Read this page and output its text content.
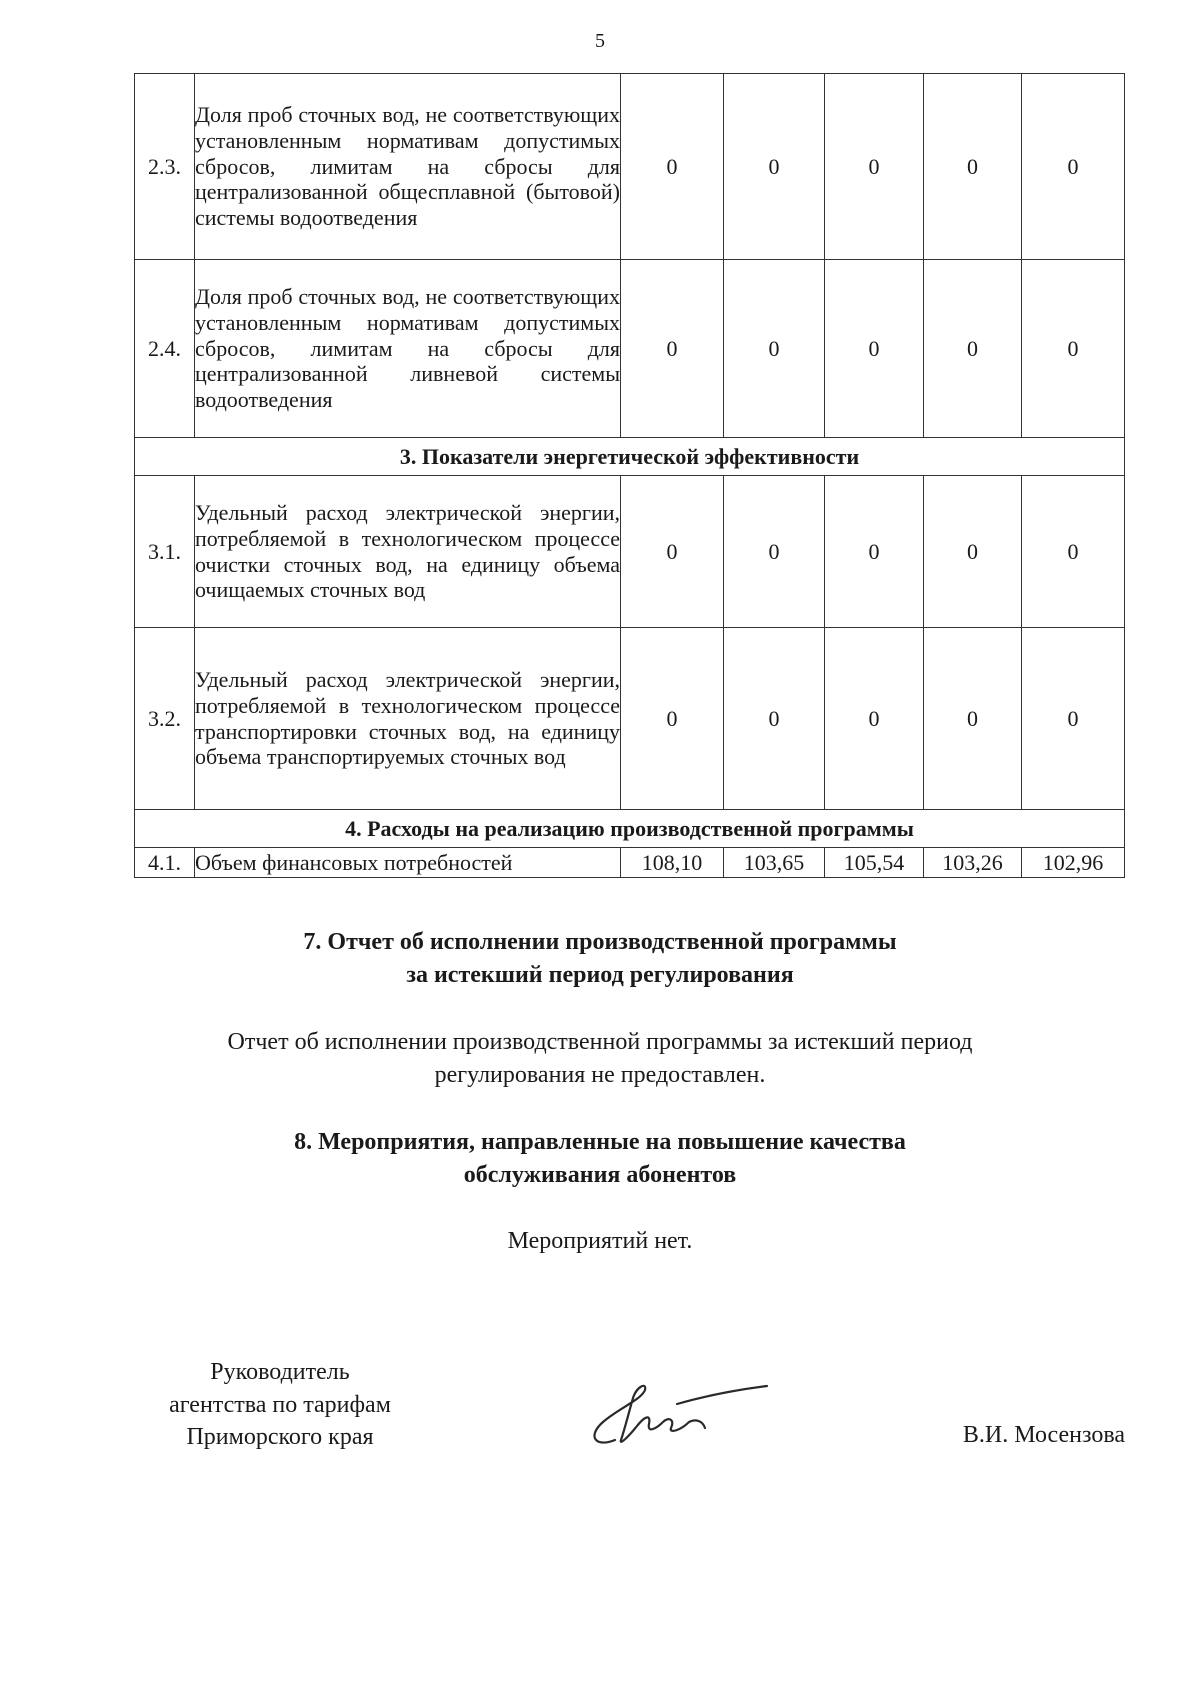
5
2.3.	Доля проб сточных вод, не соответствующих установленным нормативам допустимых сбросов, лимитам на сбросы для централизованной общесплавной (бытовой) системы водоотведения	0	0	0	0	0
2.4.	Доля проб сточных вод, не соответствующих установленным нормативам допустимых сбросов, лимитам на сбросы для централизованной ливневой системы водоотведения	0	0	0	0	0
3. Показатели энергетической эффективности						
3.1.	Удельный расход электрической энергии, потребляемой в технологическом процессе очистки сточных вод, на единицу объема очищаемых сточных вод	0	0	0	0	0
3.2.	Удельный расход электрической энергии, потребляемой в технологическом процессе транспортировки сточных вод, на единицу объема транспортируемых сточных вод	0	0	0	0	0
4. Расходы на реализацию производственной программы						
4.1.	Объем финансовых потребностей	108,10	103,65	105,54	103,26	102,96
7. Отчет об исполнении производственной программы
за истекший период регулирования
Отчет об исполнении производственной программы за истекший период
регулирования не предоставлен.
8. Мероприятия, направленные на повышение качества
обслуживания абонентов
Мероприятий нет.
Руководитель
агентства по тарифам
Приморского края	В.И. Мосензова
